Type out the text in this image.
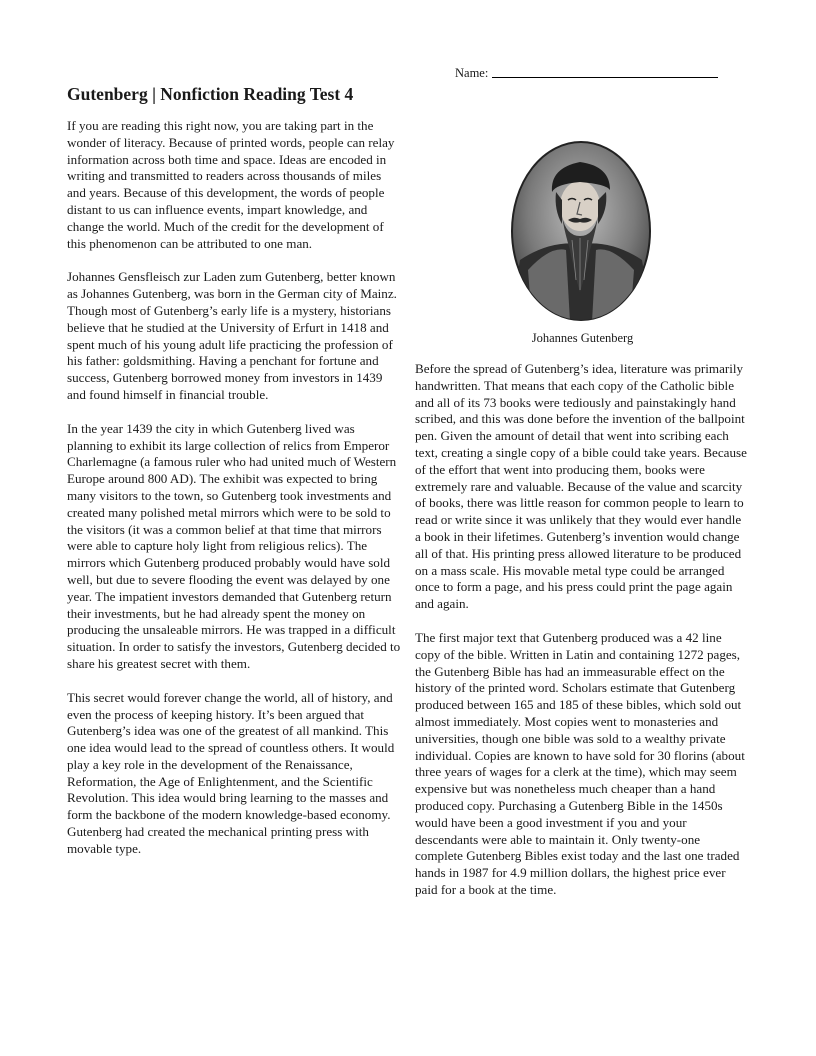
Name:
Gutenberg | Nonfiction Reading Test 4

If you are reading this right now, you are taking part in the wonder of literacy. Because of printed words, people can relay information across both time and space. Ideas are encoded in writing and transmitted to readers across thousands of miles and years. Because of this development, the words of people distant to us can influence events, impart knowledge, and change the world. Much of the credit for the development of this phenomenon can be attributed to one man.

Johannes Gensfleisch zur Laden zum Gutenberg, better known as Johannes Gutenberg, was born in the German city of Mainz. Though most of Gutenberg’s early life is a mystery, historians believe that he studied at the University of Erfurt in 1418 and spent much of his young adult life practicing the profession of his father: goldsmithing. Having a penchant for fortune and success, Gutenberg borrowed money from investors in 1439 and found himself in financial trouble.

In the year 1439 the city in which Gutenberg lived was planning to exhibit its large collection of relics from Emperor Charlemagne (a famous ruler who had united much of Western Europe around 800 AD). The exhibit was expected to bring many visitors to the town, so Gutenberg took investments and created many polished metal mirrors which were to be sold to the visitors (it was a common belief at that time that mirrors were able to capture holy light from religious relics). The mirrors which Gutenberg produced probably would have sold well, but due to severe flooding the event was delayed by one year. The impatient investors demanded that Gutenberg return their investments, but he had already spent the money on producing the unsaleable mirrors. He was trapped in a difficult situation. In order to satisfy the investors, Gutenberg decided to share his greatest secret with them.

This secret would forever change the world, all of history, and even the process of keeping history. It’s been argued that Gutenberg’s idea was one of the greatest of all mankind. This one idea would lead to the spread of countless others. It would play a key role in the development of the Renaissance, Reformation, the Age of Enlightenment, and the Scientific Revolution. This idea would bring learning to the masses and form the backbone of the modern knowledge-based economy. Gutenberg had created the mechanical printing press with movable type.

Johannes Gutenberg

Before the spread of Gutenberg’s idea, literature was primarily handwritten. That means that each copy of the Catholic bible and all of its 73 books were tediously and painstakingly hand scribed, and this was done before the invention of the ballpoint pen. Given the amount of detail that went into scribing each text, creating a single copy of a bible could take years. Because of the effort that went into producing them, books were extremely rare and valuable. Because of the value and scarcity of books, there was little reason for common people to learn to read or write since it was unlikely that they would ever handle a book in their lifetimes. Gutenberg’s invention would change all of that. His printing press allowed literature to be produced on a mass scale. His movable metal type could be arranged once to form a page, and his press could print the page again and again.

The first major text that Gutenberg produced was a 42 line copy of the bible. Written in Latin and containing 1272 pages, the Gutenberg Bible has had an immeasurable effect on the history of the printed word. Scholars estimate that Gutenberg produced between 165 and 185 of these bibles, which sold out almost immediately. Most copies went to monasteries and universities, though one bible was sold to a wealthy private individual. Copies are known to have sold for 30 florins (about three years of wages for a clerk at the time), which may seem expensive but was nonetheless much cheaper than a hand produced copy. Purchasing a Gutenberg Bible in the 1450s would have been a good investment if you and your descendants were able to maintain it. Only twenty-one complete Gutenberg Bibles exist today and the last one traded hands in 1987 for 4.9 million dollars, the highest price ever paid for a book at the time.
